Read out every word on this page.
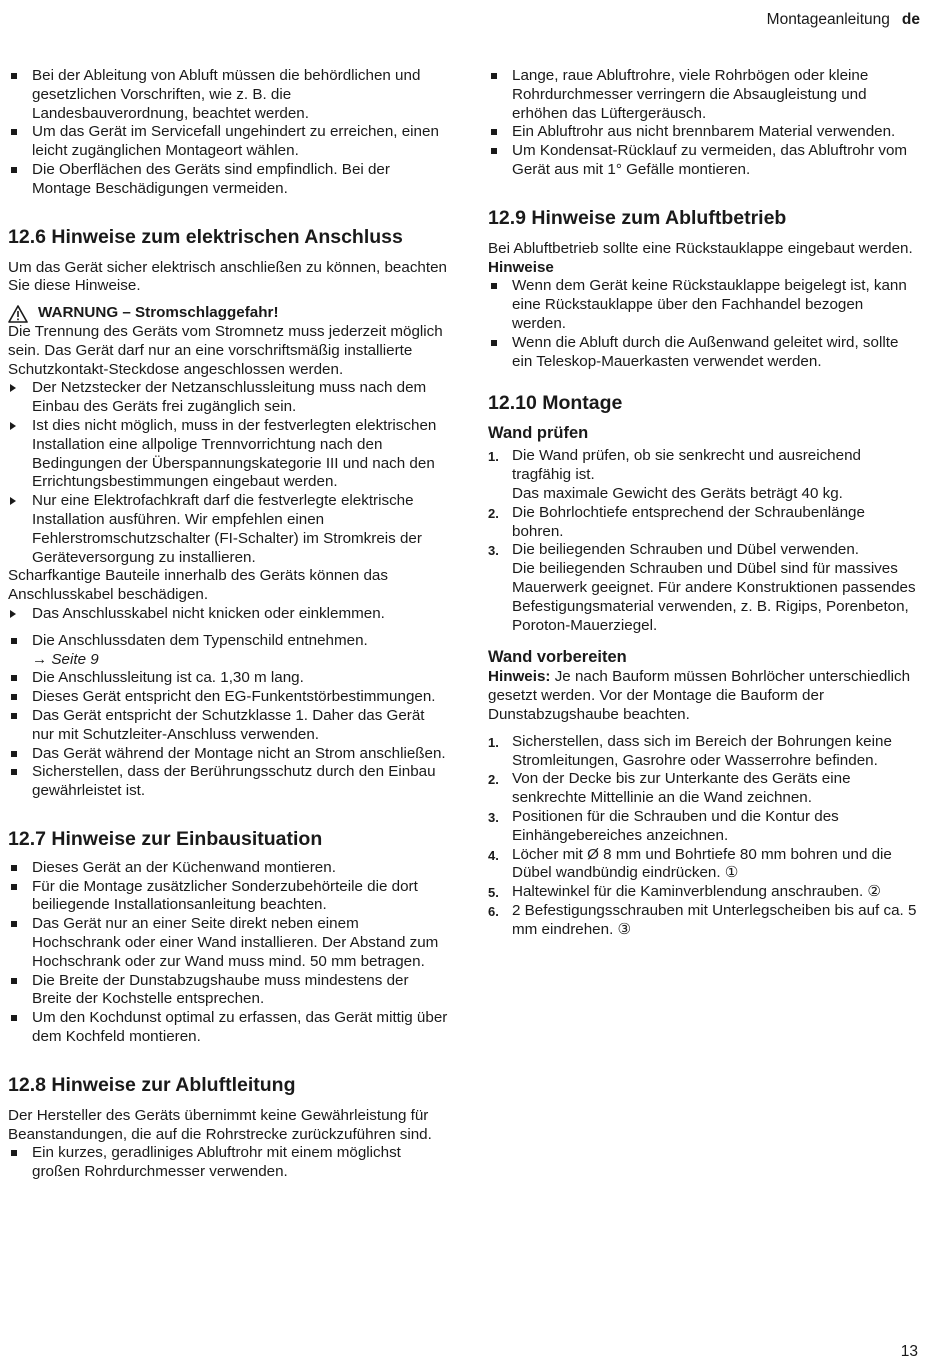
Montageanleitung de
Bei der Ableitung von Abluft müssen die behördlichen und gesetzlichen Vorschriften, wie z. B. die Landesbauverordnung, beachtet werden.
Um das Gerät im Servicefall ungehindert zu erreichen, einen leicht zugänglichen Montageort wählen.
Die Oberflächen des Geräts sind empfindlich. Bei der Montage Beschädigungen vermeiden.
12.6 Hinweise zum elektrischen Anschluss

Um das Gerät sicher elektrisch anschließen zu können, beachten Sie diese Hinweise.

WARNUNG – Stromschlaggefahr!

Die Trennung des Geräts vom Stromnetz muss jederzeit möglich sein. Das Gerät darf nur an eine vorschriftsmäßig installierte Schutzkontakt-Steckdose angeschlossen werden.

Der Netzstecker der Netzanschlussleitung muss nach dem Einbau des Geräts frei zugänglich sein.
Ist dies nicht möglich, muss in der festverlegten elektrischen Installation eine allpolige Trennvorrichtung nach den Bedingungen der Überspannungskategorie III und nach den Errichtungsbestimmungen eingebaut werden.
Nur eine Elektrofachkraft darf die festverlegte elektrische Installation ausführen. Wir empfehlen einen Fehlerstromschutzschalter (FI-Schalter) im Stromkreis der Geräteversorgung zu installieren.

Scharfkantige Bauteile innerhalb des Geräts können das Anschlusskabel beschädigen.

Das Anschlusskabel nicht knicken oder einklemmen.
Die Anschlussdaten dem Typenschild entnehmen.
→ Seite 9
Die Anschlussleitung ist ca. 1,30 m lang.
Dieses Gerät entspricht den EG-Funkentstörbestimmungen.
Das Gerät entspricht der Schutzklasse 1. Daher das Gerät nur mit Schutzleiter-Anschluss verwenden.
Das Gerät während der Montage nicht an Strom anschließen.
Sicherstellen, dass der Berührungsschutz durch den Einbau gewährleistet ist.
12.7 Hinweise zur Einbausituation
Dieses Gerät an der Küchenwand montieren.
Für die Montage zusätzlicher Sonderzubehörteile die dort beiliegende Installationsanleitung beachten.
Das Gerät nur an einer Seite direkt neben einem Hochschrank oder einer Wand installieren. Der Abstand zum Hochschrank oder zur Wand muss mind. 50 mm betragen.
Die Breite der Dunstabzugshaube muss mindestens der Breite der Kochstelle entsprechen.
Um den Kochdunst optimal zu erfassen, das Gerät mittig über dem Kochfeld montieren.
12.8 Hinweise zur Abluftleitung

Der Hersteller des Geräts übernimmt keine Gewährleistung für Beanstandungen, die auf die Rohrstrecke zurückzuführen sind.

Ein kurzes, geradliniges Abluftrohr mit einem möglichst großen Rohrdurchmesser verwenden.
Lange, raue Abluftrohre, viele Rohrbögen oder kleine Rohrdurchmesser verringern die Absaugleistung und erhöhen das Lüftergeräusch.
Ein Abluftrohr aus nicht brennbarem Material verwenden.
Um Kondensat-Rücklauf zu vermeiden, das Abluftrohr vom Gerät aus mit 1° Gefälle montieren.
12.9 Hinweise zum Abluftbetrieb

Bei Abluftbetrieb sollte eine Rückstauklappe eingebaut werden.

Hinweise

Wenn dem Gerät keine Rückstauklappe beigelegt ist, kann eine Rückstauklappe über den Fachhandel bezogen werden.
Wenn die Abluft durch die Außenwand geleitet wird, sollte ein Teleskop-Mauerkasten verwendet werden.
12.10 Montage
Wand prüfen
1. Die Wand prüfen, ob sie senkrecht und ausreichend tragfähig ist.
Das maximale Gewicht des Geräts beträgt 40 kg.
2. Die Bohrlochtiefe entsprechend der Schraubenlänge bohren.
3. Die beiliegenden Schrauben und Dübel verwenden.
Die beiliegenden Schrauben und Dübel sind für massives Mauerwerk geeignet. Für andere Konstruktionen passendes Befestigungsmaterial verwenden, z. B. Rigips, Porenbeton, Poroton-Mauerziegel.
Wand vorbereiten

Hinweis: Je nach Bauform müssen Bohrlöcher unterschiedlich gesetzt werden. Vor der Montage die Bauform der Dunstabzugshaube beachten.

1. Sicherstellen, dass sich im Bereich der Bohrungen keine Stromleitungen, Gasrohre oder Wasserrohre befinden.
2. Von der Decke bis zur Unterkante des Geräts eine senkrechte Mittellinie an die Wand zeichnen.
3. Positionen für die Schrauben und die Kontur des Einhängebereiches anzeichnen.
4. Löcher mit Ø 8 mm und Bohrtiefe 80 mm bohren und die Dübel wandbündig eindrücken. ①
5. Haltewinkel für die Kaminverblendung anschrauben. ②
6. 2 Befestigungsschrauben mit Unterlegscheiben bis auf ca. 5 mm eindrehen. ③
13
